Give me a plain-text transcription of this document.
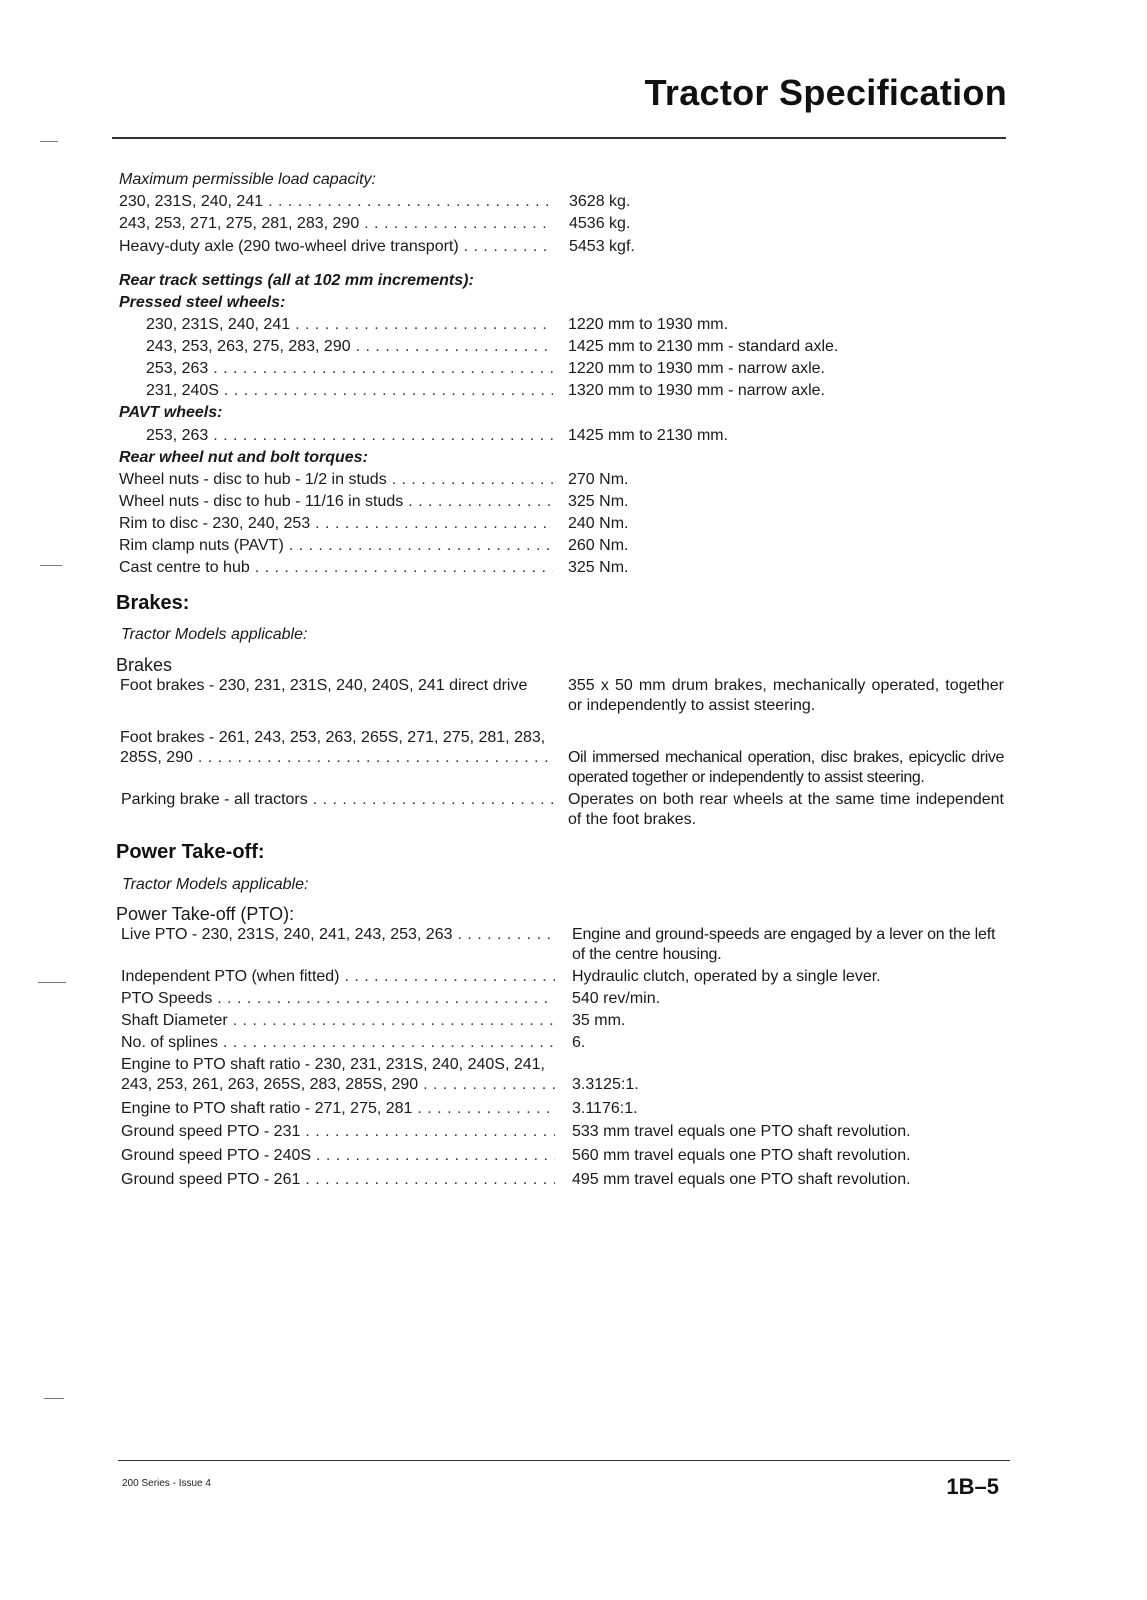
Tractor Specification
Maximum permissible load capacity:
230, 231S, 240, 241 . . .	3628 kg.
243, 253, 271, 275, 281, 283, 290 . . .	4536 kg.
Heavy-duty axle (290 two-wheel drive transport) . . .	5453 kgf.
Rear track settings (all at 102 mm increments):
Pressed steel wheels:
230, 231S, 240, 241 . . .	1220 mm to 1930 mm.
243, 253, 263, 275, 283, 290 . . .	1425 mm to 2130 mm - standard axle.
253, 263 . . .	1220 mm to 1930 mm - narrow axle.
231, 240S . . .	1320 mm to 1930 mm - narrow axle.
PAVT wheels:
253, 263 . . .	1425 mm to 2130 mm.
Rear wheel nut and bolt torques:
Wheel nuts - disc to hub - 1/2 in studs . . .	270 Nm.
Wheel nuts - disc to hub - 11/16 in studs . . .	325 Nm.
Rim to disc - 230, 240, 253 . . .	240 Nm.
Rim clamp nuts (PAVT) . . .	260 Nm.
Cast centre to hub . . .	325 Nm.
Brakes:
Tractor Models applicable:
Brakes
Foot brakes - 230, 231, 231S, 240, 240S, 241 direct drive	355 x 50 mm drum brakes, mechanically operated, together or independently to assist steering.
Foot brakes - 261, 243, 253, 263, 265S, 271, 275, 281, 283,
285S, 290 . . .	Oil immersed mechanical operation, disc brakes, epicyclic drive operated together or independently to assist steering.
Parking brake - all tractors . . .	Operates on both rear wheels at the same time independent of the foot brakes.
Power Take-off:
Tractor Models applicable:
Power Take-off (PTO):
Live PTO - 230, 231S, 240, 241, 243, 253, 263 . . .	Engine and ground-speeds are engaged by a lever on the left of the centre housing.
Independent PTO (when fitted) . . .	Hydraulic clutch, operated by a single lever.
PTO Speeds . . .	540 rev/min.
Shaft Diameter . . .	35 mm.
No. of splines . . .	6.
Engine to PTO shaft ratio - 230, 231, 231S, 240, 240S, 241,
243, 253, 261, 263, 265S, 283, 285S, 290 . . .	3.3125:1.
Engine to PTO shaft ratio - 271, 275, 281 . . .	3.1176:1.
Ground speed PTO - 231 . . .	533 mm travel equals one PTO shaft revolution.
Ground speed PTO - 240S . . .	560 mm travel equals one PTO shaft revolution.
Ground speed PTO - 261 . . .	495 mm travel equals one PTO shaft revolution.
200 Series - Issue 4	1B–5
